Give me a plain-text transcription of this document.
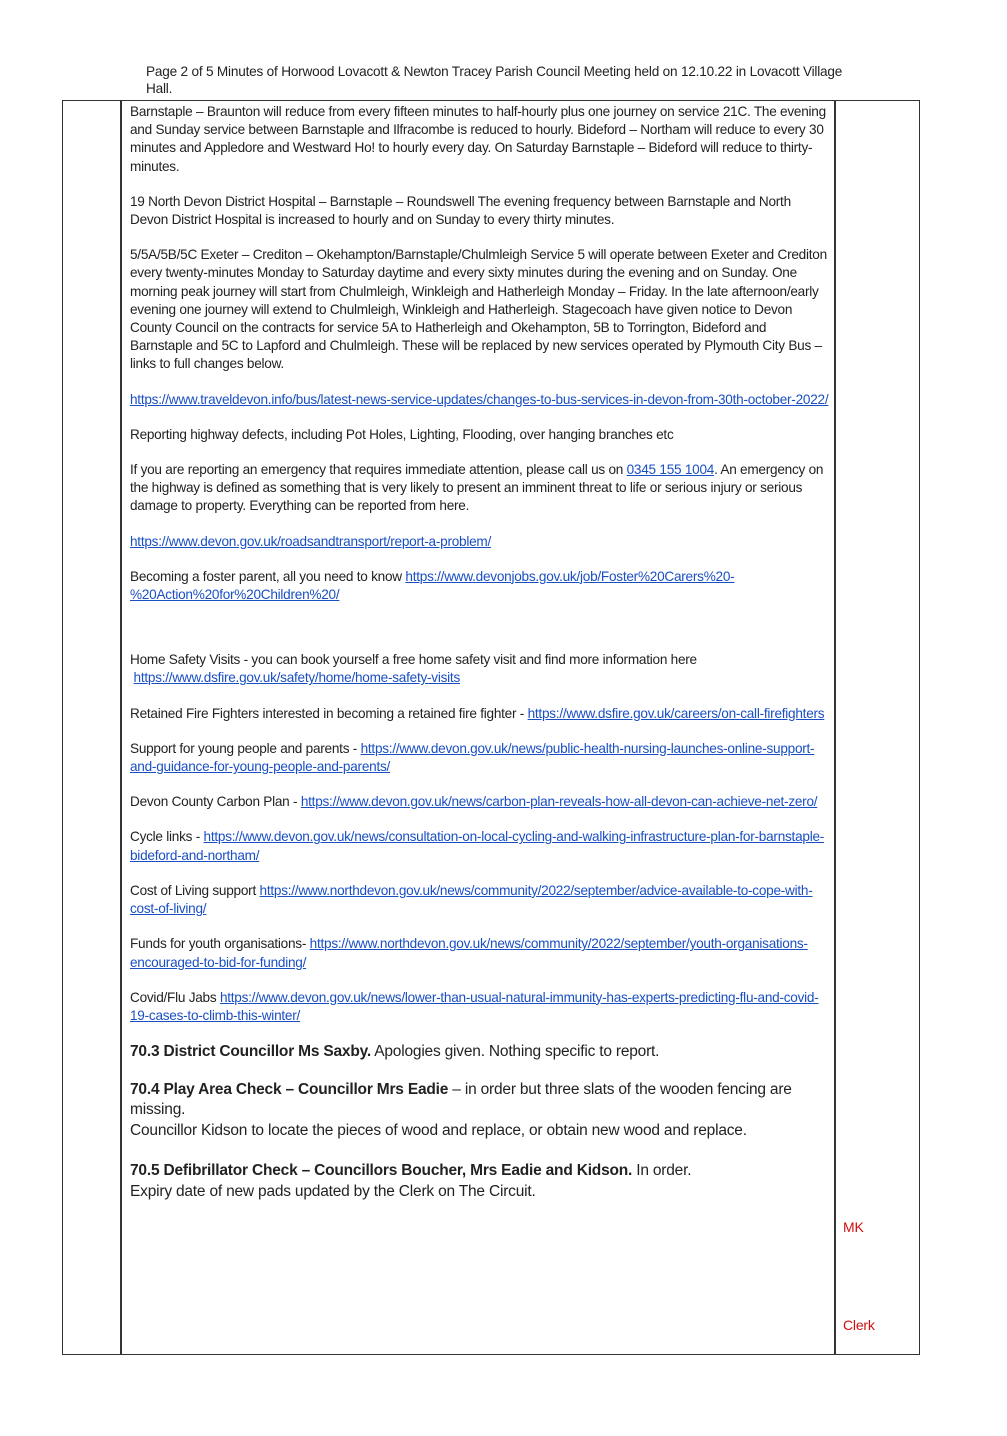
Page 2 of 5 Minutes of Horwood Lovacott & Newton Tracey Parish Council Meeting held on 12.10.22 in Lovacott Village Hall.

Barnstaple – Braunton will reduce from every fifteen minutes to half-hourly plus one journey on service 21C. The evening and Sunday service between Barnstaple and Ilfracombe is reduced to hourly. Bideford – Northam will reduce to every 30 minutes and Appledore and Westward Ho! to hourly every day. On Saturday Barnstaple – Bideford will reduce to thirty-minutes.

19 North Devon District Hospital – Barnstaple – Roundswell The evening frequency between Barnstaple and North Devon District Hospital is increased to hourly and on Sunday to every thirty minutes.

5/5A/5B/5C Exeter – Crediton – Okehampton/Barnstaple/Chulmleigh Service 5 will operate between Exeter and Crediton every twenty-minutes Monday to Saturday daytime and every sixty minutes during the evening and on Sunday. One morning peak journey will start from Chulmleigh, Winkleigh and Hatherleigh Monday – Friday. In the late afternoon/early evening one journey will extend to Chulmleigh, Winkleigh and Hatherleigh. Stagecoach have given notice to Devon County Council on the contracts for service 5A to Hatherleigh and Okehampton, 5B to Torrington, Bideford and Barnstaple and 5C to Lapford and Chulmleigh. These will be replaced by new services operated by Plymouth City Bus – links to full changes below.

https://www.traveldevon.info/bus/latest-news-service-updates/changes-to-bus-services-in-devon-from-30th-october-2022/

Reporting highway defects, including Pot Holes, Lighting, Flooding, over hanging branches etc

If you are reporting an emergency that requires immediate attention, please call us on 0345 155 1004. An emergency on the highway is defined as something that is very likely to present an imminent threat to life or serious injury or serious damage to property. Everything can be reported from here.

https://www.devon.gov.uk/roadsandtransport/report-a-problem/

Becoming a foster parent, all you need to know https://www.devonjobs.gov.uk/job/Foster%20Carers%20-%20Action%20for%20Children%20/

Home Safety Visits - you can book yourself a free home safety visit and find more information here
https://www.dsfire.gov.uk/safety/home/home-safety-visits

Retained Fire Fighters interested in becoming a retained fire fighter - https://www.dsfire.gov.uk/careers/on-call-firefighters

Support for young people and parents - https://www.devon.gov.uk/news/public-health-nursing-launches-online-support-and-guidance-for-young-people-and-parents/

Devon County Carbon Plan - https://www.devon.gov.uk/news/carbon-plan-reveals-how-all-devon-can-achieve-net-zero/

Cycle links - https://www.devon.gov.uk/news/consultation-on-local-cycling-and-walking-infrastructure-plan-for-barnstaple-bideford-and-northam/

Cost of Living support https://www.northdevon.gov.uk/news/community/2022/september/advice-available-to-cope-with-cost-of-living/

Funds for youth organisations- https://www.northdevon.gov.uk/news/community/2022/september/youth-organisations-encouraged-to-bid-for-funding/

Covid/Flu Jabs https://www.devon.gov.uk/news/lower-than-usual-natural-immunity-has-experts-predicting-flu-and-covid-19-cases-to-climb-this-winter/

70.3 District Councillor Ms Saxby. Apologies given. Nothing specific to report.

70.4 Play Area Check – Councillor Mrs Eadie – in order but three slats of the wooden fencing are missing.
Councillor Kidson to locate the pieces of wood and replace, or obtain new wood and replace.

70.5 Defibrillator Check – Councillors Boucher, Mrs Eadie and Kidson. In order.
Expiry date of new pads updated by the Clerk on The Circuit.

MK
Clerk
